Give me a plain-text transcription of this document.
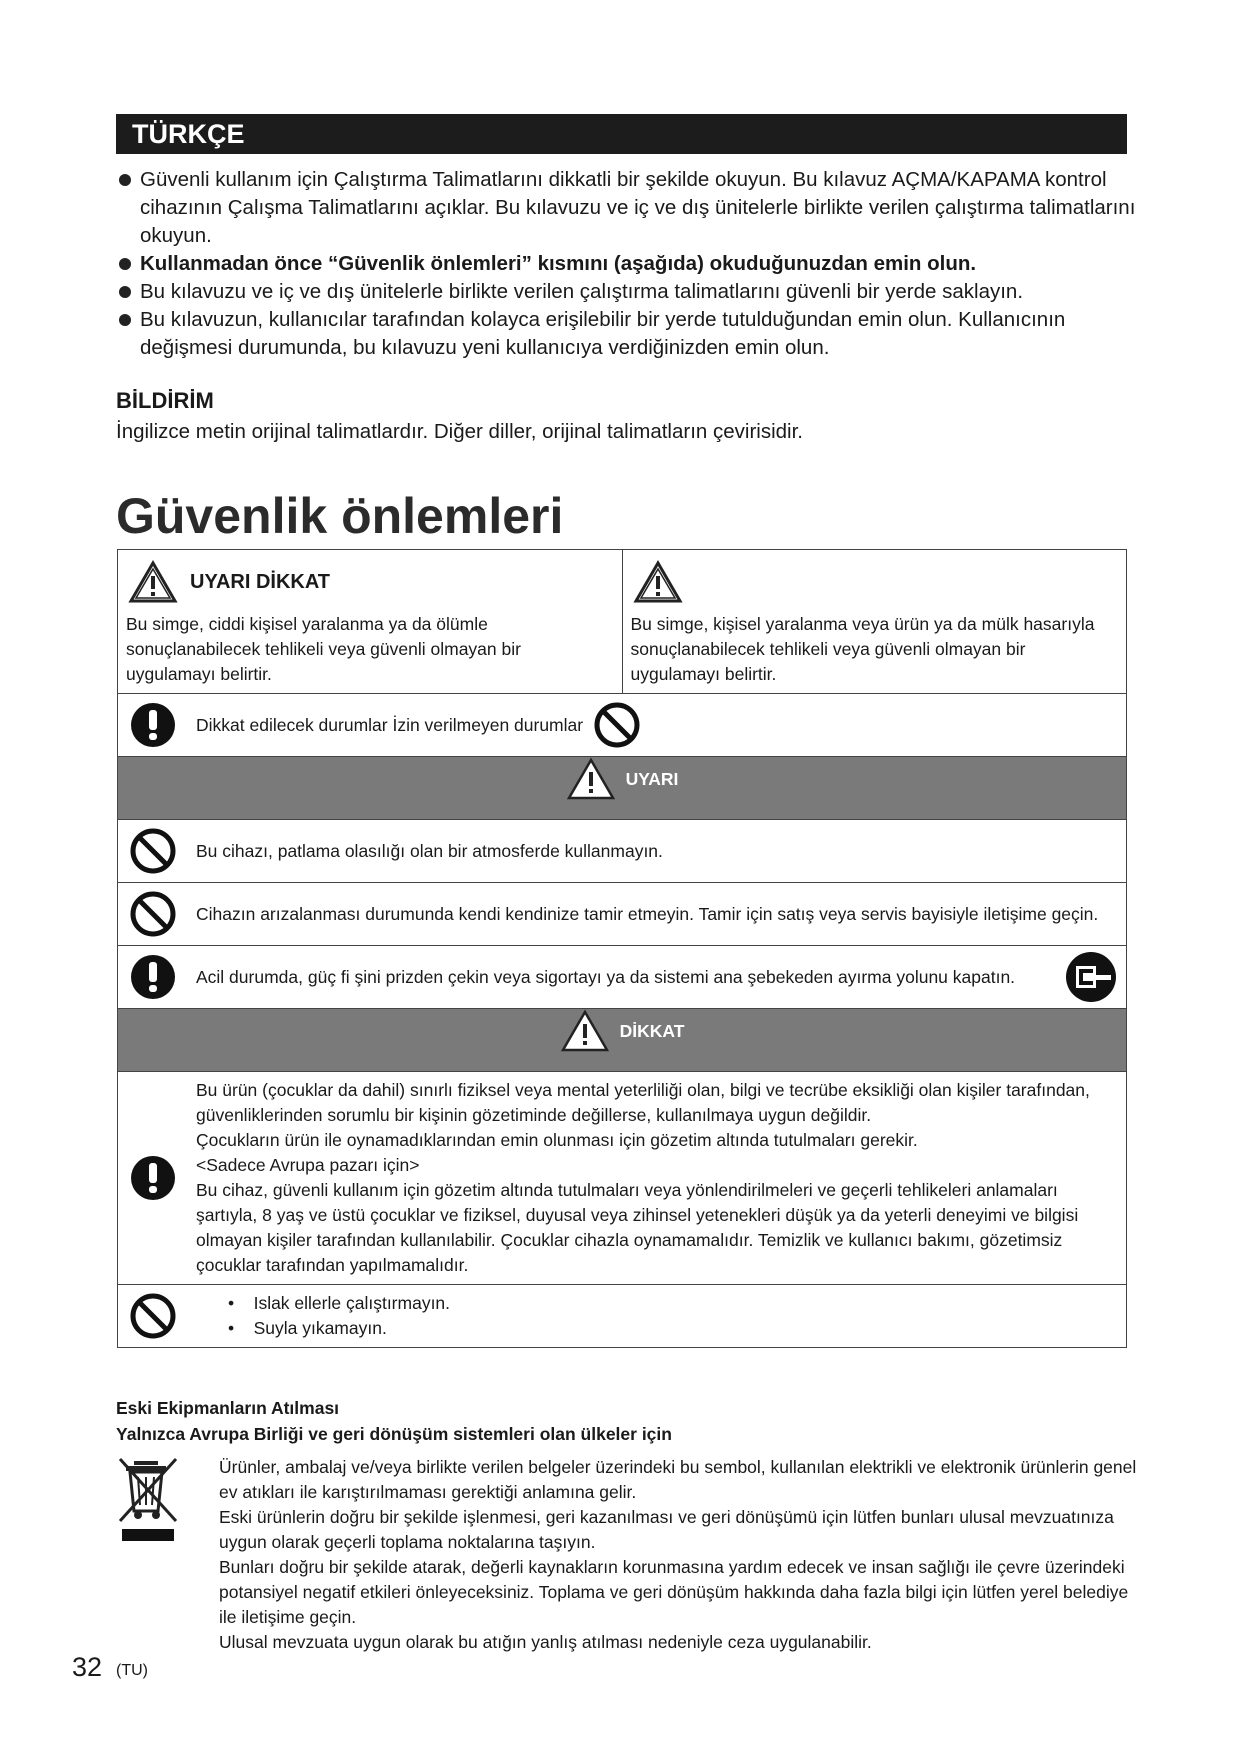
TÜRKÇE
Güvenli kullanım için Çalıştırma Talimatlarını dikkatli bir şekilde okuyun. Bu kılavuz AÇMA/KAPAMA kontrol cihazının Çalışma Talimatlarını açıklar. Bu kılavuzu ve iç ve dış ünitelerle birlikte verilen çalıştırma talimatlarını okuyun.
Kullanmadan önce “Güvenlik önlemleri” kısmını (aşağıda) okuduğunuzdan emin olun.
Bu kılavuzu ve iç ve dış ünitelerle birlikte verilen çalıştırma talimatlarını güvenli bir yerde saklayın.
Bu kılavuzun, kullanıcılar tarafından kolayca erişilebilir bir yerde tutulduğundan emin olun. Kullanıcının değişmesi durumunda, bu kılavuzu yeni kullanıcıya verdiğinizden emin olun.
BİLDİRİM
İngilizce metin orijinal talimatlardır. Diğer diller, orijinal talimatların çevirisidir.
Güvenlik önlemleri
UYARI DİKKAT
Bu simge, ciddi kişisel yaralanma ya da ölümle sonuçlanabilecek tehlikeli veya güvenli olmayan bir uygulamayı belirtir.

Bu simge, kişisel yaralanma veya ürün ya da mülk hasarıyla sonuçlanabilecek tehlikeli veya güvenli olmayan bir uygulamayı belirtir.

Dikkat edilecek durumlar İzin verilmeyen durumlar

UYARI

Bu cihazı, patlama olasılığı olan bir atmosferde kullanmayın.

Cihazın arızalanması durumunda kendi kendinize tamir etmeyin. Tamir için satış veya servis bayisiyle iletişime geçin.

Acil durumda, güç fi şini prizden çekin veya sigortayı ya da sistemi ana şebekeden ayırma yolunu kapatın.

DİKKAT

Bu ürün (çocuklar da dahil) sınırlı fiziksel veya mental yeterliliği olan, bilgi ve tecrübe eksikliği olan kişiler tarafından, güvenliklerinden sorumlu bir kişinin gözetiminde değillerse, kullanılmaya uygun değildir.
Çocukların ürün ile oynamadıklarından emin olunması için gözetim altında tutulmaları gerekir.
<Sadece Avrupa pazarı için>
Bu cihaz, güvenli kullanım için gözetim altında tutulmaları veya yönlendirilmeleri ve geçerli tehlikeleri anlamaları şartıyla, 8 yaş ve üstü çocuklar ve fiziksel, duyusal veya zihinsel yetenekleri düşük ya da yeterli deneyimi ve bilgisi olmayan kişiler tarafından kullanılabilir. Çocuklar cihazla oynamamalıdır. Temizlik ve kullanıcı bakımı, gözetimsiz çocuklar tarafından yapılmamalıdır.

•    Islak ellerle çalıştırmayın.
•    Suyla yıkamayın.
Eski Ekipmanların Atılması
Yalnızca Avrupa Birliği ve geri dönüşüm sistemleri olan ülkeler için
Ürünler, ambalaj ve/veya birlikte verilen belgeler üzerindeki bu sembol, kullanılan elektrikli ve elektronik ürünlerin genel ev atıkları ile karıştırılmaması gerektiği anlamına gelir.
Eski ürünlerin doğru bir şekilde işlenmesi, geri kazanılması ve geri dönüşümü için lütfen bunları ulusal mevzuatınıza uygun olarak geçerli toplama noktalarına taşıyın.
Bunları doğru bir şekilde atarak, değerli kaynakların korunmasına yardım edecek ve insan sağlığı ile çevre üzerindeki potansiyel negatif etkileri önleyeceksiniz. Toplama ve geri dönüşüm hakkında daha fazla bilgi için lütfen yerel belediye ile iletişime geçin.
Ulusal mevzuata uygun olarak bu atığın yanlış atılması nedeniyle ceza uygulanabilir.
32 (TU)
